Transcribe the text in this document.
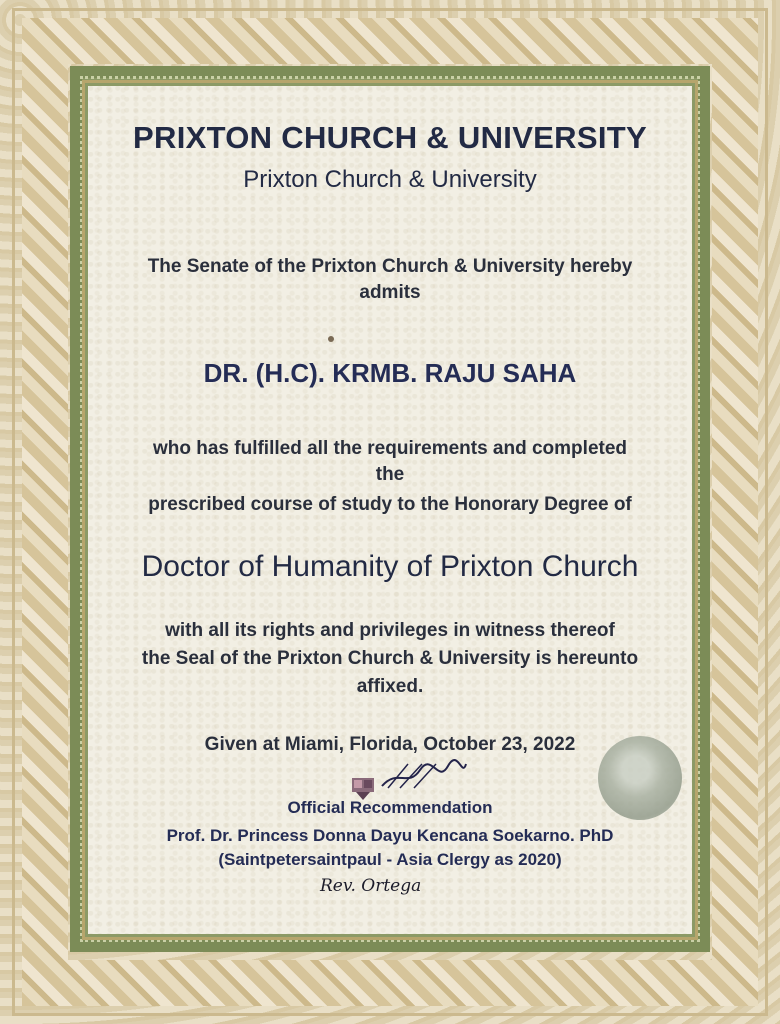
PRIXTON CHURCH & UNIVERSITY
Prixton Church & University
The Senate of the Prixton Church & University hereby
admits
DR. (H.C). KRMB. RAJU SAHA
who has fulfilled all the requirements and completed
the
prescribed course of study to the Honorary Degree of
Doctor of Humanity of Prixton Church
with all its rights and privileges in witness thereof
the Seal of the Prixton Church & University is hereunto
affixed.
Given at Miami, Florida, October 23, 2022
Official Recommendation
Prof. Dr. Princess Donna Dayu Kencana Soekarno. PhD
(Saintpetersaintpaul - Asia Clergy as 2020)
Rev. Ortega
